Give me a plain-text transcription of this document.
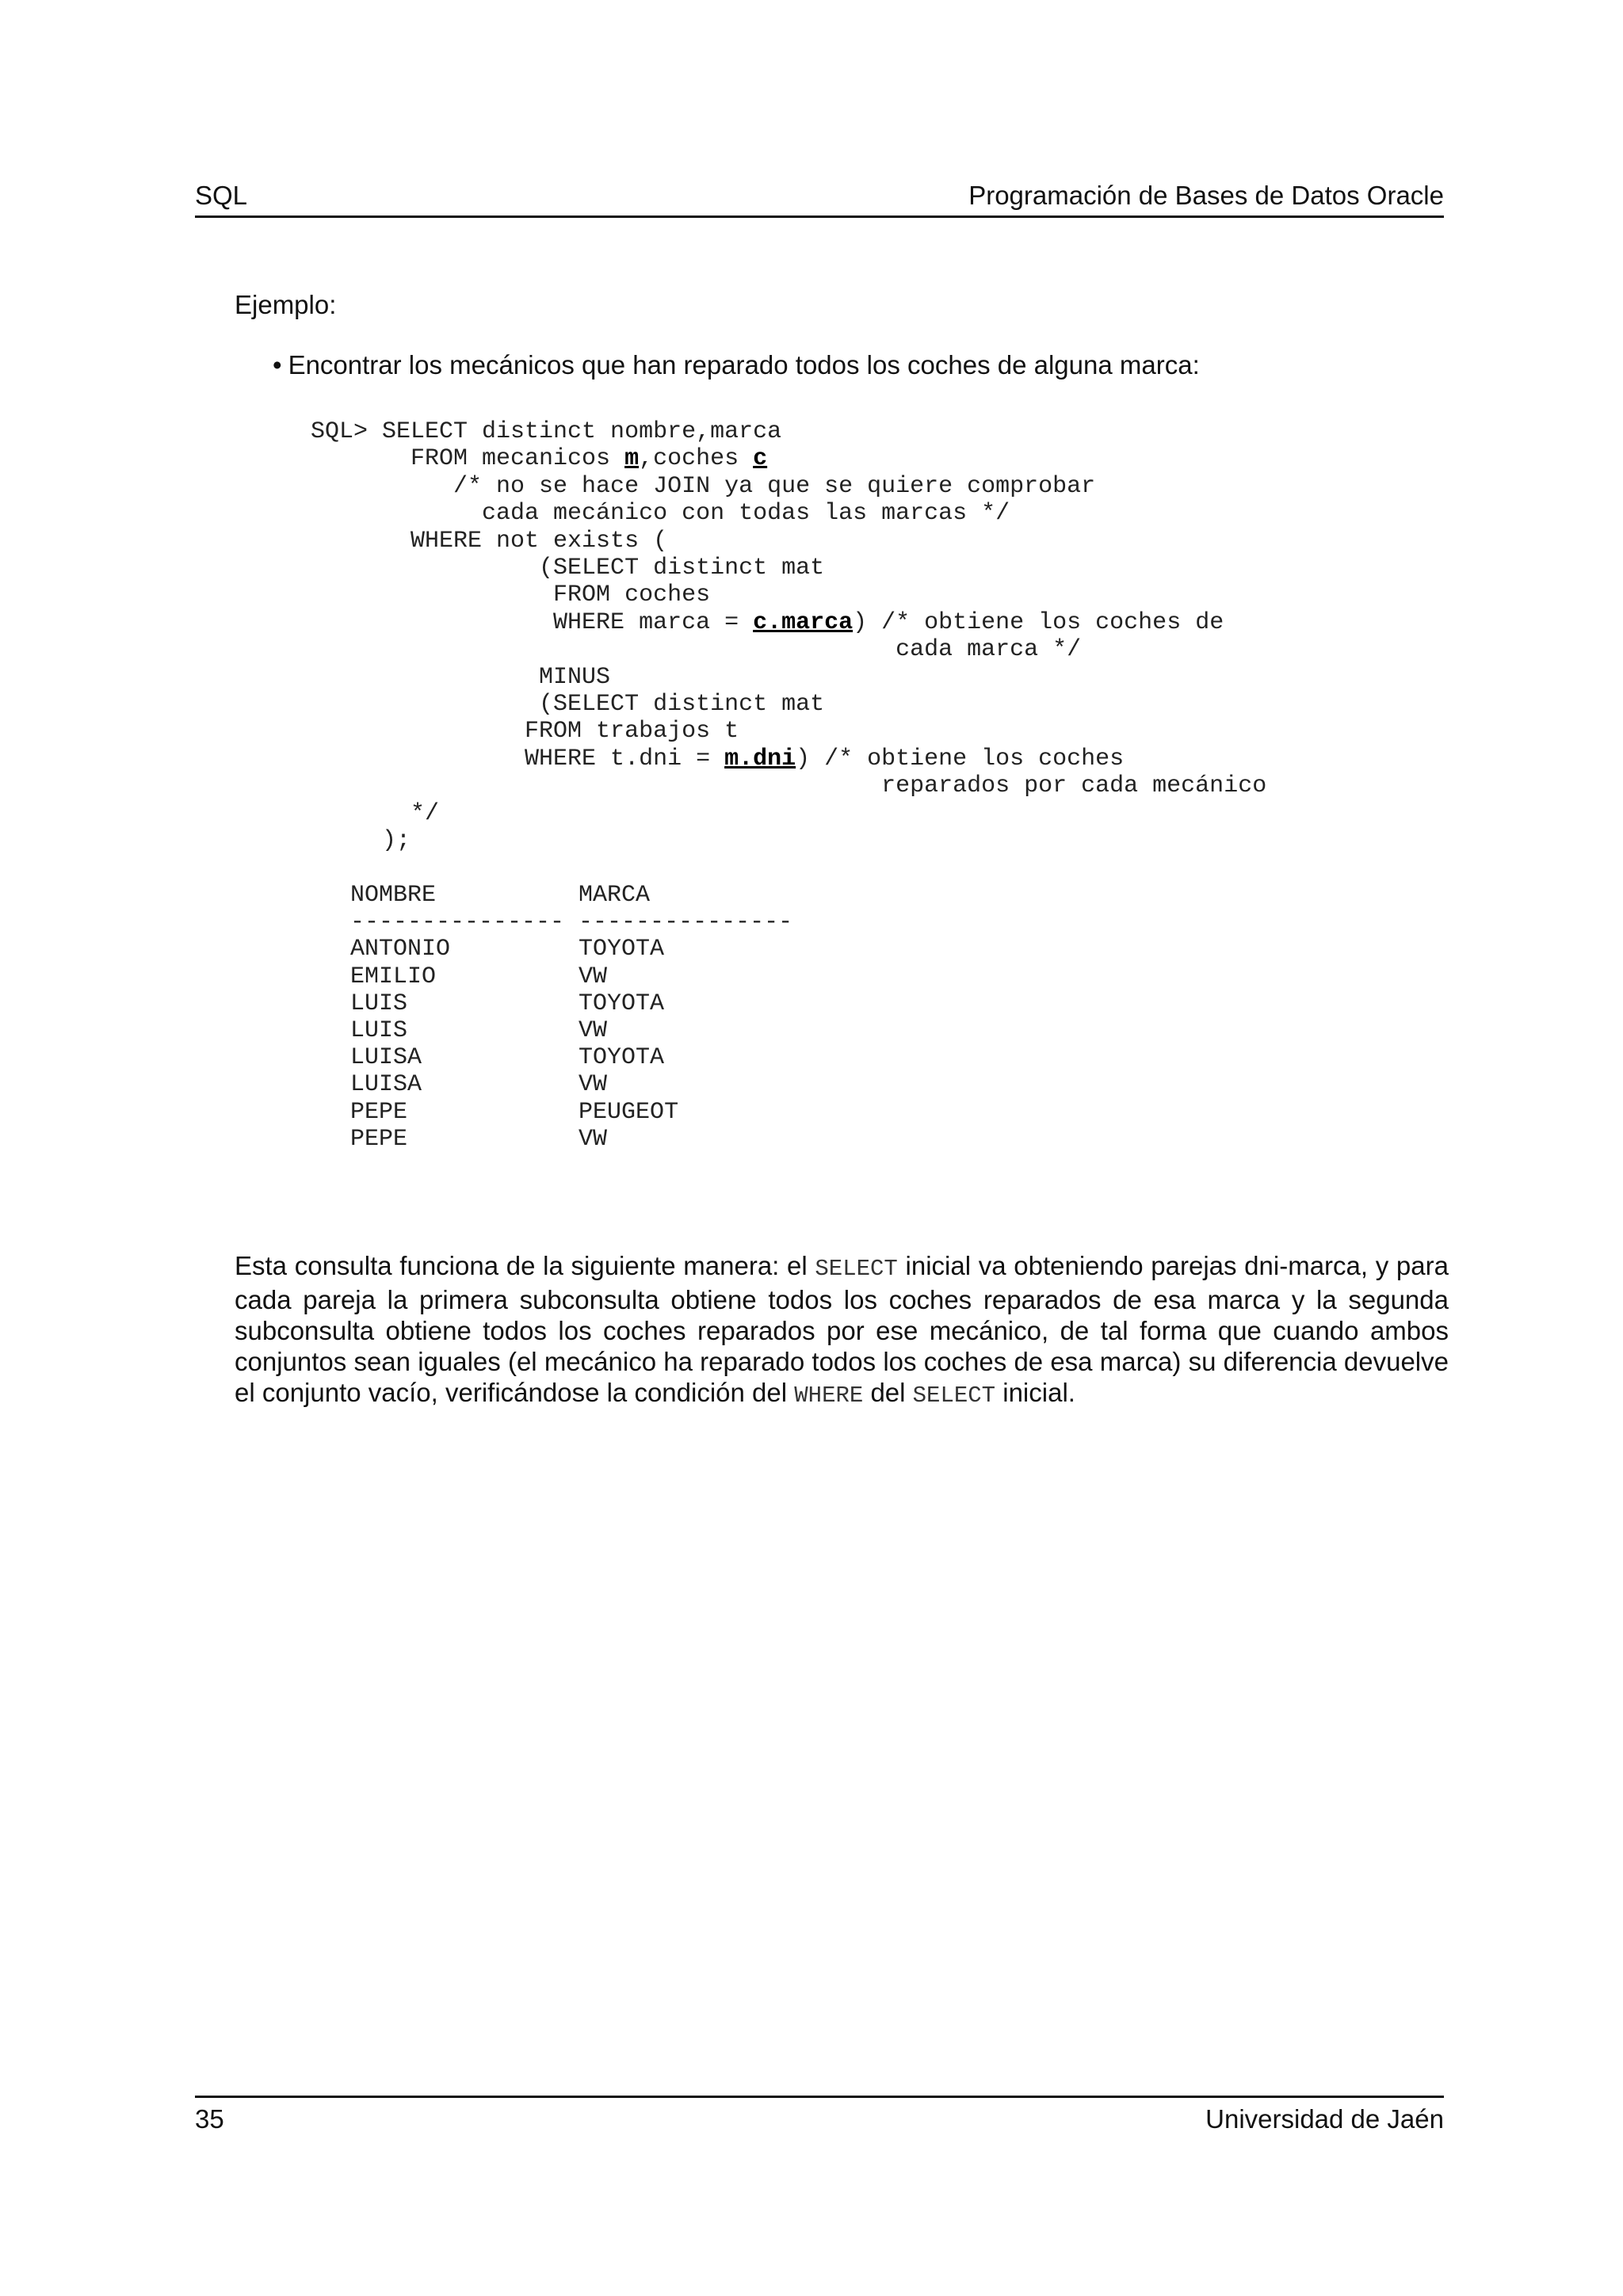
SQL	Programación de Bases de Datos Oracle
Ejemplo:
• Encontrar los mecánicos que han reparado todos los coches de alguna marca:
SQL> SELECT distinct nombre,marca
FROM mecanicos m,coches c
/* no se hace JOIN ya que se quiere comprobar
cada mecánico con todas las marcas */
WHERE not exists (
(SELECT distinct mat
FROM coches
WHERE marca = c.marca) /* obtiene los coches de
cada marca */
MINUS
(SELECT distinct mat
FROM trabajos t
WHERE t.dni = m.dni) /* obtiene los coches
reparados por cada mecánico
*/
);
NOMBRE          MARCA
--------------- ---------------
ANTONIO         TOYOTA
EMILIO          VW
LUIS            TOYOTA
LUIS            VW
LUISA           TOYOTA
LUISA           VW
PEPE            PEUGEOT
PEPE            VW
Esta consulta funciona de la siguiente manera: el SELECT inicial va obteniendo parejas dni-marca, y para cada pareja la primera subconsulta obtiene todos los coches reparados de esa marca y la segunda subconsulta obtiene todos los coches reparados por ese mecánico, de tal forma que cuando ambos conjuntos sean iguales (el mecánico ha reparado todos los coches de esa marca) su diferencia devuelve el conjunto vacío, verificándose la condición del WHERE del SELECT inicial.
35	Universidad de Jaén
